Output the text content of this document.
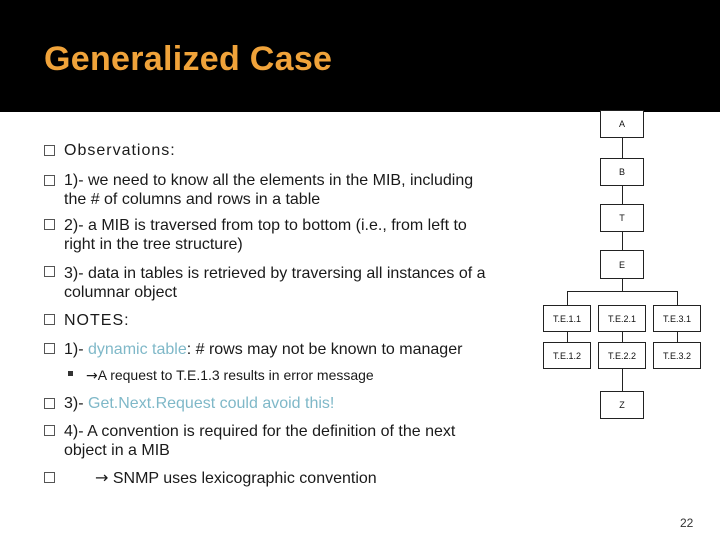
Generalized Case
Observations:
1)- we need to know all the elements in the MIB, including
the # of columns and rows in a table
2)- a MIB is traversed from top to bottom (i.e., from left to
right in the tree structure)
3)- data in tables is retrieved by traversing all instances of a
columnar object
NOTES:
1)- dynamic table: # rows may not be known to manager
→A request to T.E.1.3 results in error message
3)- Get.Next.Request could avoid this!
4)- A convention is required for the definition of the next
object in a MIB
→ SNMP uses lexicographic convention
A
B
T
E
T.E.1.1	T.E.2.1	T.E.3.1
T.E.1.2	T.E.2.2	T.E.3.2
Z
22
